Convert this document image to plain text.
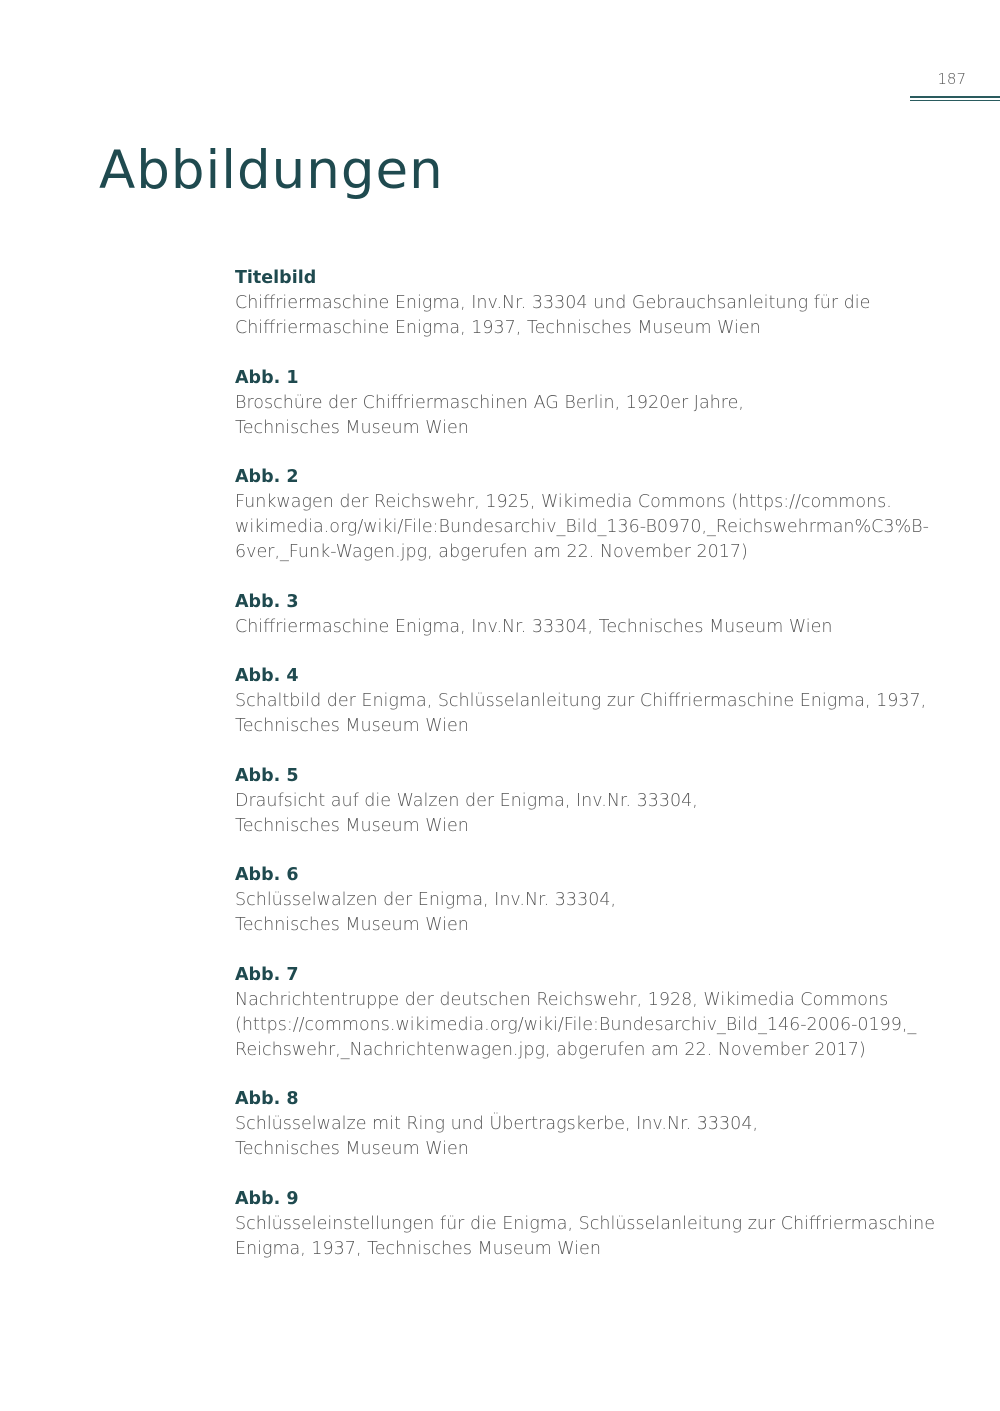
187
Abbildungen
Titelbild
Chiffriermaschine Enigma, Inv.Nr. 33304 und Gebrauchsanleitung für die
Chiffriermaschine Enigma, 1937, Technisches Museum Wien
Abb. 1
Broschüre der Chiffriermaschinen AG Berlin, 1920er Jahre,
Technisches Museum Wien
Abb. 2
Funkwagen der Reichswehr, 1925, Wikimedia Commons (https://commons.
wikimedia.org/wiki/File:Bundesarchiv_Bild_136-B0970,_Reichswehrman%C3%B-
6ver,_Funk-Wagen.jpg, abgerufen am 22. November 2017)
Abb. 3
Chiffriermaschine Enigma, Inv.Nr. 33304, Technisches Museum Wien
Abb. 4
Schaltbild der Enigma, Schlüsselanleitung zur Chiffriermaschine Enigma, 1937,
Technisches Museum Wien
Abb. 5
Draufsicht auf die Walzen der Enigma, Inv.Nr. 33304,
Technisches Museum Wien
Abb. 6
Schlüsselwalzen der Enigma, Inv.Nr. 33304,
Technisches Museum Wien
Abb. 7
Nachrichtentruppe der deutschen Reichswehr, 1928, Wikimedia Commons
(https://commons.wikimedia.org/wiki/File:Bundesarchiv_Bild_146-2006-0199,_
Reichswehr,_Nachrichtenwagen.jpg, abgerufen am 22. November 2017)
Abb. 8
Schlüsselwalze mit Ring und Übertragskerbe, Inv.Nr. 33304,
Technisches Museum Wien
Abb. 9
Schlüsseleinstellungen für die Enigma, Schlüsselanleitung zur Chiffriermaschine
Enigma, 1937, Technisches Museum Wien
